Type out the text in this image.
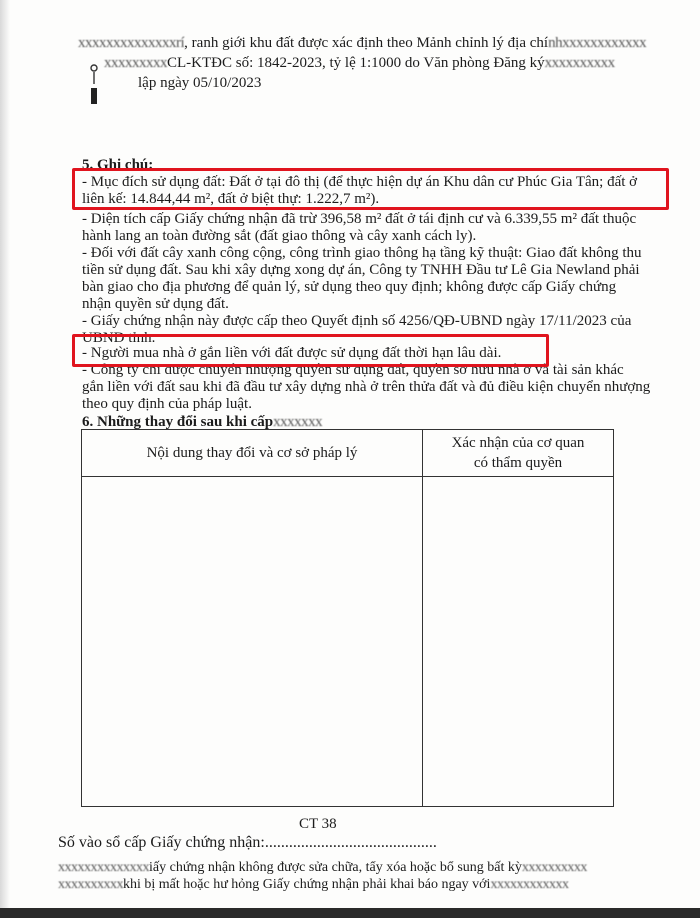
xxxxxxxxxxxxxxrí, ranh giới khu đất được xác định theo Mảnh chỉnh lý địa chínhxxxxxxxxxxxx
xxxxxxxxxCL-KTĐC số: 1842-2023, tỷ lệ 1:1000 do Văn phòng Đăng kýxxxxxxxxxx
lập ngày 05/10/2023
5. Ghi chú:
- Mục đích sử dụng đất: Đất ở tại đô thị (để thực hiện dự án Khu dân cư Phúc Gia Tân; đất ở
liên kế: 14.844,44 m², đất ở biệt thự: 1.222,7 m²).
- Diện tích cấp Giấy chứng nhận đã trừ 396,58 m² đất ở tái định cư và 6.339,55 m² đất thuộc
hành lang an toàn đường sắt (đất giao thông và cây xanh cách ly).
- Đối với đất cây xanh công cộng, công trình giao thông hạ tầng kỹ thuật: Giao đất không thu
tiền sử dụng đất. Sau khi xây dựng xong dự án, Công ty TNHH Đầu tư Lê Gia Newland phải
bàn giao cho địa phương để quản lý, sử dụng theo quy định; không được cấp Giấy chứng
nhận quyền sử dụng đất.
- Giấy chứng nhận này được cấp theo Quyết định số 4256/QĐ-UBND ngày 17/11/2023 của
UBND tỉnh.
- Người mua nhà ở gắn liền với đất được sử dụng đất thời hạn lâu dài.
- Công ty chỉ được chuyển nhượng quyền sử dụng đất, quyền sở hữu nhà ở và tài sản khác
gắn liền với đất sau khi đã đầu tư xây dựng nhà ở trên thửa đất và đủ điều kiện chuyển nhượng
theo quy định của pháp luật.
6. Những thay đổi sau khi cấpxxxxxxx
Nội dung thay đổi và cơ sở pháp lý	Xác nhận của cơ quan
có thẩm quyền

CT 38
Số vào sổ cấp Giấy chứng nhận:...........................................
xxxxxxxxxxxxxxiấy chứng nhận không được sửa chữa, tẩy xóa hoặc bổ sung bất kỳxxxxxxxxxx
xxxxxxxxxxkhi bị mất hoặc hư hỏng Giấy chứng nhận phải khai báo ngay vớixxxxxxxxxxxx
